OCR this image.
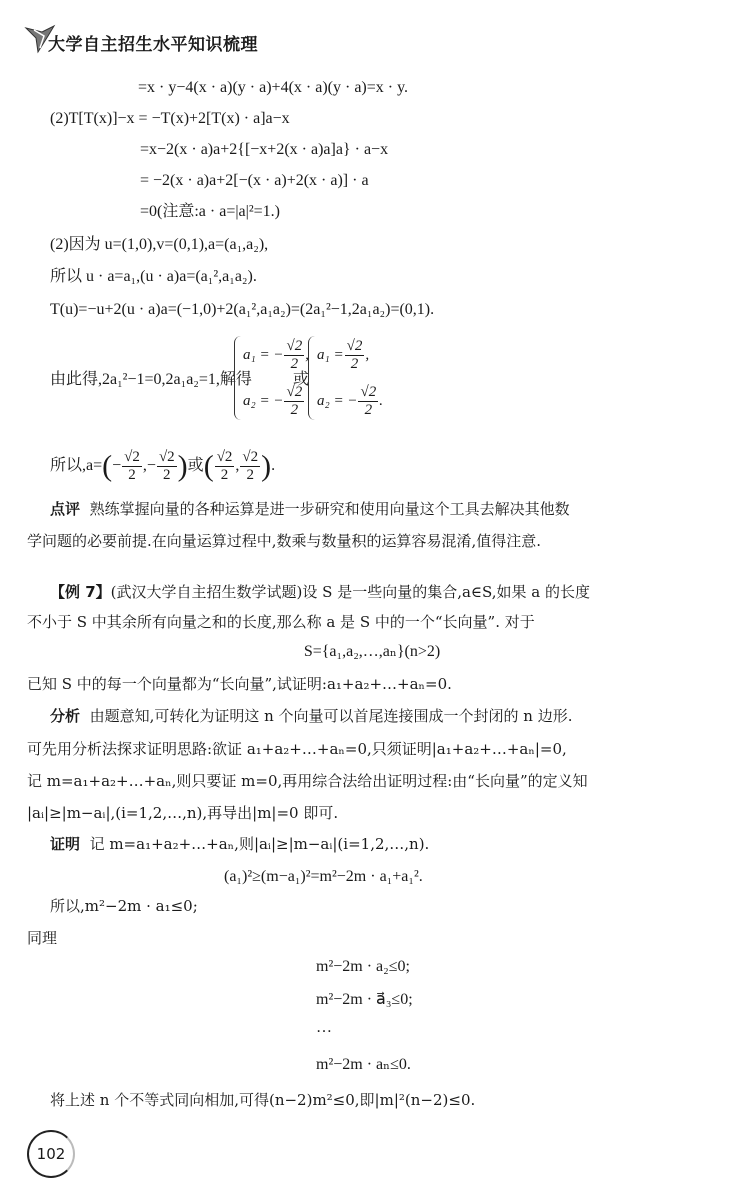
大学自主招生水平知识梳理
=x · y−4(x · a)(y · a)+4(x · a)(y · a)=x · y.
(2)T[T(x)]−x = −T(x)+2[T(x) · a]a−x
=x−2(x · a)a+2{[−x+2(x · a)a]a} · a−x
= −2(x · a)a+2[−(x · a)+2(x · a)] · a
=0(注意:a · a=|a|²=1.)
(2)因为 u=(1,0),v=(0,1),a=(a₁,a₂),
所以 u · a=a₁,(u · a)a=(a₁²,a₁a₂).
T(u)=−u+2(u · a)a=(−1,0)+2(a₁²,a₁a₂)=(2a₁²−1,2a₁a₂)=(0,1).
由此得,2a₁²−1=0,2a₁a₂=1,解得
a₁ = − $\frac{√2}{2}$ ,
a₂ = − $\frac{√2}{2}$
或
$a_1 = \frac{√2}{2}$ ,
a₂ = − $\frac{√2}{2}$ .
所以$,a=(- \frac{√2}{2}$ ,− $\frac{√2}{2}$ )或( $\frac{√2}{2}$ , $\frac{√2}{2}$ ).
点评 熟练掌握向量的各种运算是进一步研究和使用向量这个工具去解决其他数
学问题的必要前提.在向量运算过程中,数乘与数量积的运算容易混淆,值得注意.
【例 7】(武汉大学自主招生数学试题)设 S 是一些向量的集合,a∈S,如果 a 的长度
不小于 S 中其余所有向量之和的长度,那么称 a 是 S 中的一个“长向量”. 对于
S={a₁,a₂,…,aₙ}(n>2)
已知 S 中的每一个向量都为“长向量”,试证明:a₁+a₂+…+aₙ=0.
分析 由题意知,可转化为证明这 n 个向量可以首尾连接围成一个封闭的 n 边形.
可先用分析法探求证明思路:欲证 a₁+a₂+…+aₙ=0,只须证明|a₁+a₂+…+aₙ|=0,
记 m=a₁+a₂+…+aₙ,则只要证 m=0,再用综合法给出证明过程:由“长向量”的定义知
|aᵢ|≥|m−aᵢ|,(i=1,2,…,n),再导出|m|=0 即可.
证明 记 m=a₁+a₂+…+aₙ,则|aᵢ|≥|m−aᵢ|(i=1,2,…,n).
(a₁)²≥(m−a₁)²=m²−2m · a₁+a₁².
所以,m²−2m · a₁≤0;
同理
m²−2m · a₂≤0;
m²−2m · a⃗₃≤0;
…
m²−2m · aₙ≤0.
将上述 n 个不等式同向相加,可得(n−2)m²≤0,即|m|²(n−2)≤0.
102
